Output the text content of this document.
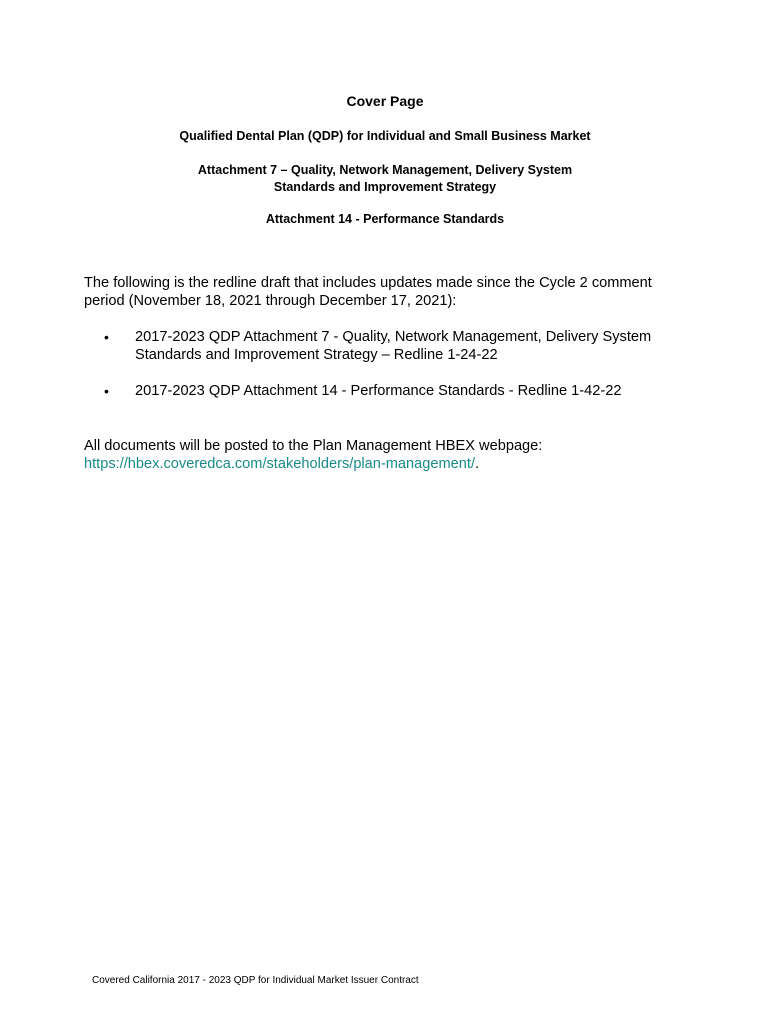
Cover Page
Qualified Dental Plan (QDP) for Individual and Small Business Market
Attachment 7 – Quality, Network Management, Delivery System
Standards and Improvement Strategy
Attachment 14 - Performance Standards
The following is the redline draft that includes updates made since the Cycle 2 comment period (November 18, 2021 through December 17, 2021):
• 2017-2023 QDP Attachment 7 - Quality, Network Management, Delivery System Standards and Improvement Strategy – Redline 1-24-22
• 2017-2023 QDP Attachment 14 - Performance Standards - Redline 1-42-22
All documents will be posted to the Plan Management HBEX webpage:
https://hbex.coveredca.com/stakeholders/plan-management/.
Covered California 2017 - 2023 QDP for Individual Market Issuer Contract
